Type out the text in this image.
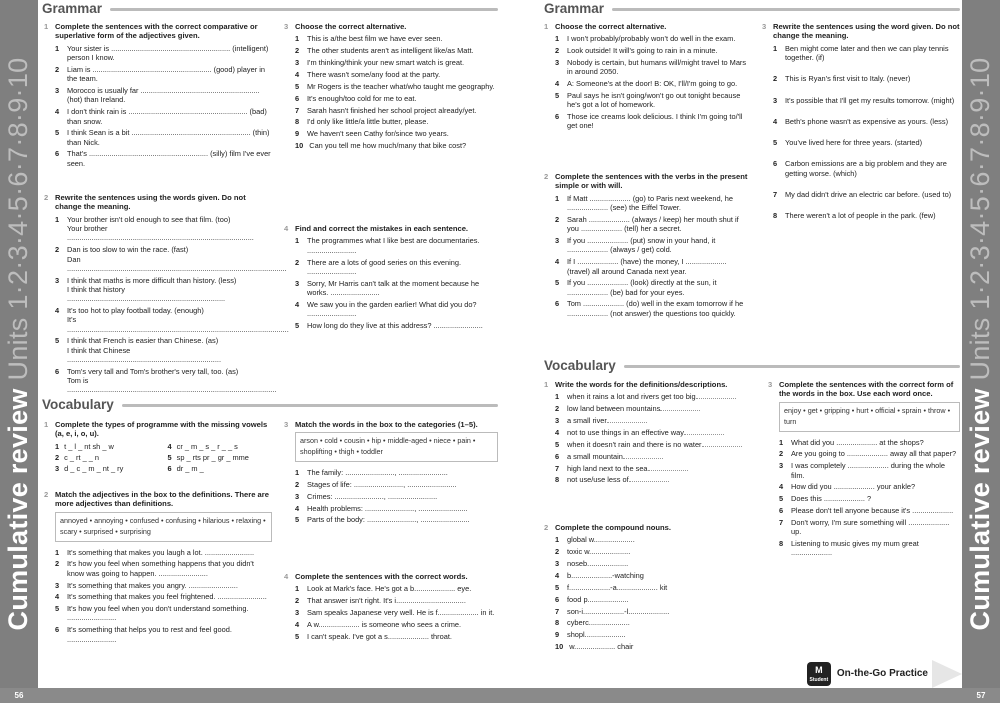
Cumulative review Units 1·2·3·4·5·6·7·8·9·10
Cumulative review Units 1·2·3·4·5·6·7·8·9·10
56	57
Grammar
Vocabulary
Grammar
Vocabulary
1 Complete the sentences with the correct comparative or superlative form of the adjectives given.
1 Your sister is .......................................................... (intelligent) person I know.
2 Liam is .......................................................... (good) player in the team.
3 Morocco is usually far .......................................................... (hot) than Ireland.
4 I don't think rain is .......................................................... (bad) than snow.
5 I think Sean is a bit .......................................................... (thin) than Nick.
6 That's .......................................................... (silly) film I've ever seen.
2 Rewrite the sentences using the words given. Do not change the meaning.
1 Your brother isn't old enough to see that film. (too)
Your brother ...........................................................................................
2 Dan is too slow to win the race. (fast)
Dan ...........................................................................................................
3 I think that maths is more difficult than history. (less)
I think that history .............................................................................
4 It's too hot to play football today. (enough)
It's ............................................................................................................
5 I think that French is easier than Chinese. (as)
I think that Chinese ...........................................................................
6 Tom's very tall and Tom's brother's very tall, too. (as)
Tom is ......................................................................................................
3 Choose the correct alternative.
1 This is a/the best film we have ever seen.
2 The other students aren't as intelligent like/as Matt.
3 I'm thinking/think your new smart watch is great.
4 There wasn't some/any food at the party.
5 Mr Rogers is the teacher what/who taught me geography.
6 It's enough/too cold for me to eat.
7 Sarah hasn't finished her school project already/yet.
8 I'd only like little/a little butter, please.
9 We haven't seen Cathy for/since two years.
10 Can you tell me how much/many that bike cost?
4 Find and correct the mistakes in each sentence.
1 The programmes what I like best are documentaries. ........................
2 There are a lots of good series on this evening. ........................
3 Sorry, Mr Harris can't talk at the moment because he works. ........................
4 We saw you in the garden earlier! What did you do? ........................
5 How long do they live at this address? ........................
1 Complete the types of programme with the missing vowels (a, e, i, o, u).
1 t _ l _ nt sh _ w	4 cr _ m _ s _ r _ _ s
2 c _ rt _ _ n	5 sp _ rts pr _ gr _ mme
3 d _ c _ m _ nt _ ry	6 dr _ m _
2 Match the adjectives in the box to the definitions. There are more adjectives than definitions.
annoyed • annoying • confused • confusing • hilarious • relaxing • scary • surprised • surprising
1 It's something that makes you laugh a lot. ........................
2 It's how you feel when something happens that you didn't know was going to happen. ........................
3 It's something that makes you angry. ........................
4 It's something that makes you feel frightened. ........................
5 It's how you feel when you don't understand something. ........................
6 It's something that helps you to rest and feel good. ........................
3 Match the words in the box to the categories (1–5).
arson • cold • cousin • hip • middle-aged • niece • pain • shoplifting • thigh • toddler
1 The family: ........................, ........................
2 Stages of life: ........................, ........................
3 Crimes: ........................, ........................
4 Health problems: ........................, ........................
5 Parts of the body: ........................, ........................
4 Complete the sentences with the correct words.
1 Look at Mark's face. He's got a b.................... eye.
2 That answer isn't right. It's i..................................
3 Sam speaks Japanese very well. He is f.................... in it.
4 A w.................... is someone who sees a crime.
5 I can't speak. I've got a s.................... throat.
1 Choose the correct alternative.
1 I won't probably/probably won't do well in the exam.
2 Look outside! It will's going to rain in a minute.
3 Nobody is certain, but humans will/might travel to Mars in around 2050.
4 A: Someone's at the door! B: OK, I'll/I'm going to go.
5 Paul says he isn't going/won't go out tonight because he's got a lot of homework.
6 Those ice creams look delicious. I think I'm going to/'ll get one!
2 Complete the sentences with the verbs in the present simple or with will.
1 If Matt .................... (go) to Paris next weekend, he .................... (see) the Eiffel Tower.
2 Sarah .................... (always / keep) her mouth shut if you .................... (tell) her a secret.
3 If you .................... (put) snow in your hand, it .................... (always / get) cold.
4 If I .................... (have) the money, I .................... (travel) all around Canada next year.
5 If you .................... (look) directly at the sun, it .................... (be) bad for your eyes.
6 Tom .................... (do) well in the exam tomorrow if he .................... (not answer) the questions too quickly.
3 Rewrite the sentences using the word given. Do not change the meaning.
1 Ben might come later and then we can play tennis together. (if)
2 This is Ryan's first visit to Italy. (never)
3 It's possible that I'll get my results tomorrow. (might)
4 Beth's phone wasn't as expensive as yours. (less)
5 You've lived here for three years. (started)
6 Carbon emissions are a big problem and they are getting worse. (which)
7 My dad didn't drive an electric car before. (used to)
8 There weren't a lot of people in the park. (few)
1 Write the words for the definitions/descriptions.
1 when it rains a lot and rivers get too big
2 low land between mountains
3 a small river
4 not to use things in an effective way
5 when it doesn't rain and there is no water
6 a small mountain
7 high land next to the sea
8 not use/use less of
2 Complete the compound nouns.
1 global w....................
2 toxic w....................
3 noseb....................
4 b....................-watching
5 f....................-a.................... kit
6 food p....................
7 son-i....................-l....................
8 cyberc....................
9 shopl....................
10 w.................... chair
3 Complete the sentences with the correct form of the words in the box. Use each word once.
enjoy • get • gripping • hurt • official • sprain • throw • turn
1 What did you .................... at the shops?
2 Are you going to .................... away all that paper?
3 I was completely .................... during the whole film.
4 How did you .................... your ankle?
5 Does this .................... ?
6 Please don't tell anyone because it's ....................
7 Don't worry, I'm sure something will .................... up.
8 Listening to music gives my mum great ....................
M
Student
On-the-Go Practice
